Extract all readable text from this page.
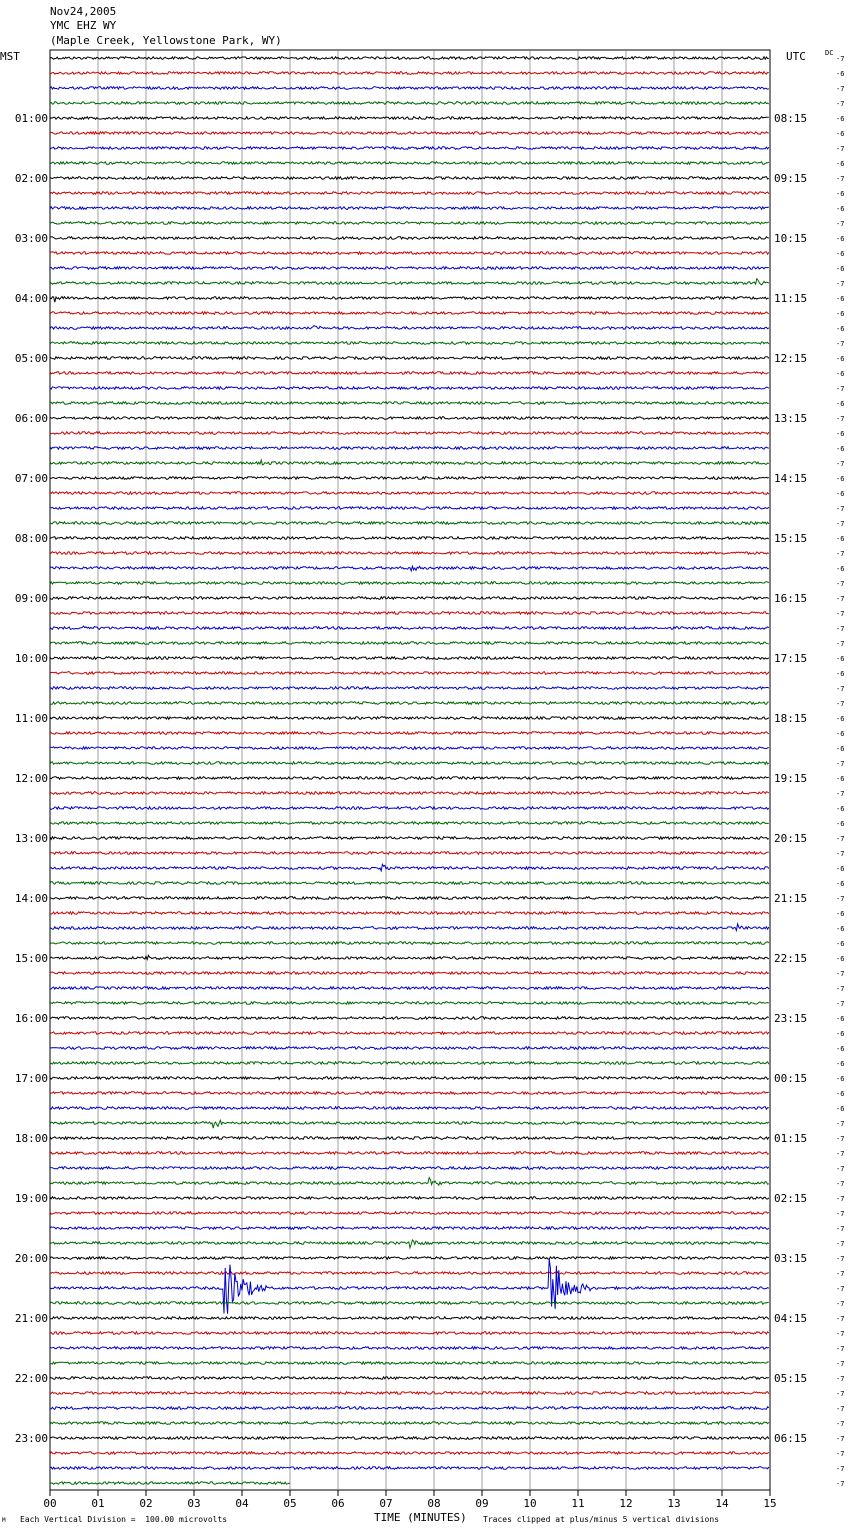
01:00
02:00
03:00
04:00
05:00
06:00
07:00
08:00
09:00
10:00
11:00
12:00
13:00
14:00
15:00
16:00
17:00
18:00
19:00
20:00
21:00
22:00
23:00
08:15
09:15
10:15
11:15
12:15
13:15
14:15
15:15
16:15
17:15
18:15
19:15
20:15
21:15
22:15
23:15
00:15
01:15
02:15
03:15
04:15
05:15
06:15
-7
-6
-7
-7
-6
-6
-7
-6
-7
-6
-6
-7
-6
-6
-6
-7
-6
-6
-6
-7
-6
-6
-7
-6
-7
-6
-6
-7
-6
-6
-7
-7
-6
-7
-6
-7
-7
-7
-7
-7
-6
-6
-7
-7
-6
-6
-6
-7
-6
-7
-6
-6
-7
-7
-6
-6
-7
-6
-6
-6
-6
-7
-7
-7
-6
-6
-6
-6
-6
-6
-6
-7
-7
-7
-7
-7
-7
-7
-7
-7
-7
-7
-7
-7
-7
-7
-7
-7
-7
-7
-7
-7
-7
-7
-7
-7
00	01	02	03	04	05	06	07	08	09	10	11	12	13	14	15
Nov24,2005
YMC EHZ WY
(Maple Creek, Yellowstone Park, WY)
MST	UTC	DC
TIME (MINUTES)
Each Vertical Division =  100.00 microvolts	Traces clipped at plus/minus 5 vertical divisions
M
